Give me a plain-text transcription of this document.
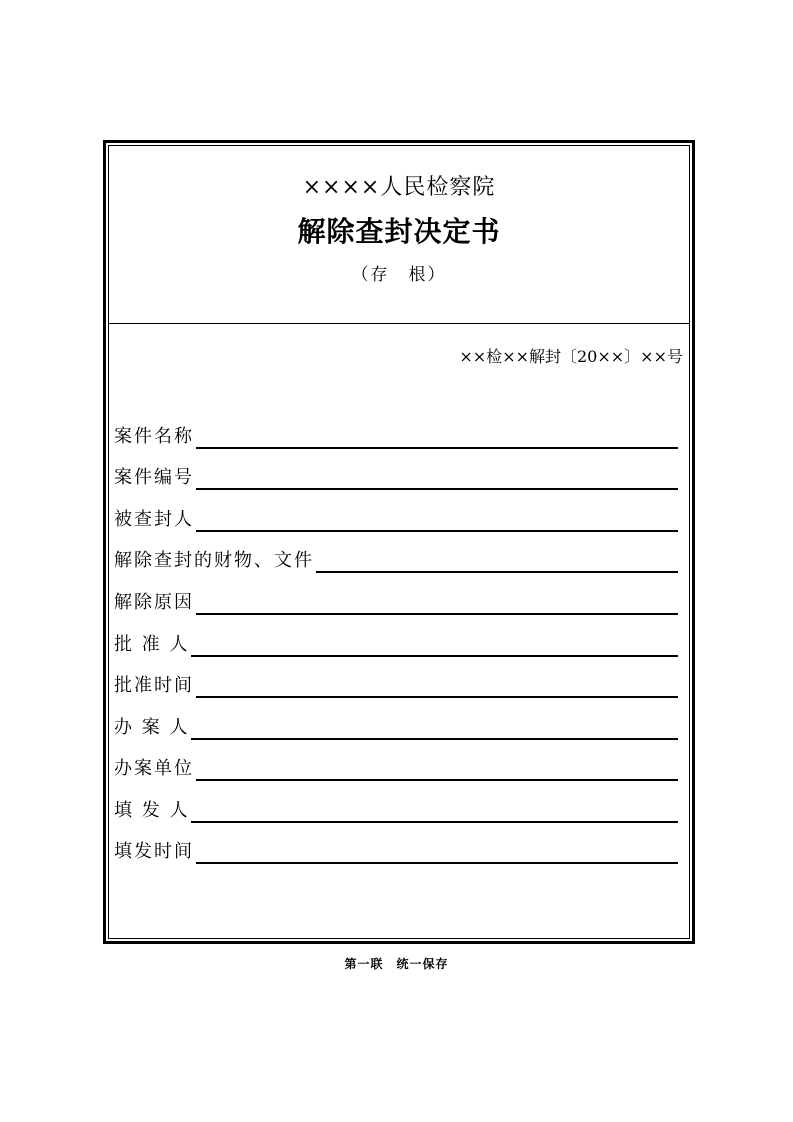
××××人民检察院
解除查封决定书
（存　根）
××检××解封〔20××〕××号
案件名称
案件编号
被查封人
解除查封的财物、文件
解除原因
批 准 人
批准时间
办 案 人
办案单位
填 发 人
填发时间
第一联　统一保存
